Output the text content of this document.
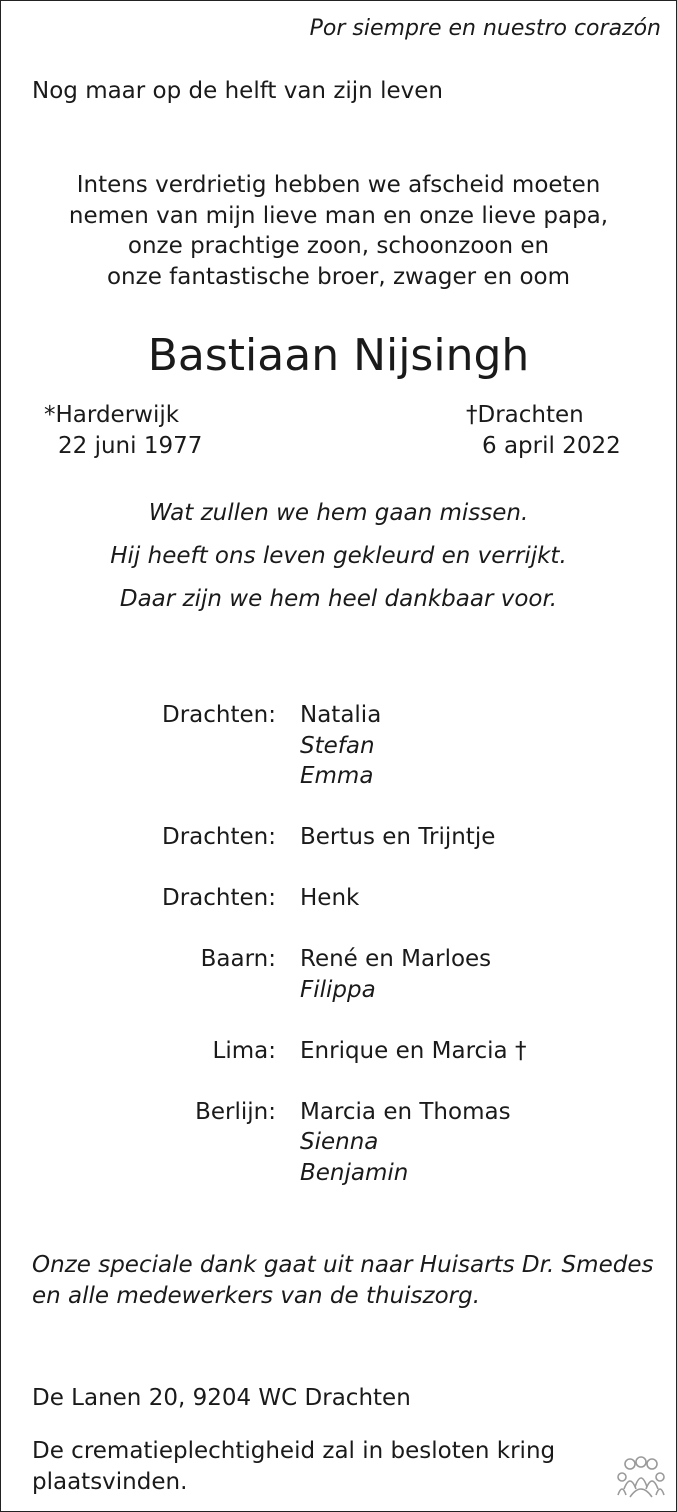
Por siempre en nuestro corazón
Nog maar op de helft van zijn leven
Intens verdrietig hebben we afscheid moeten
nemen van mijn lieve man en onze lieve papa,
onze prachtige zoon, schoonzoon en
onze fantastische broer, zwager en oom
Bastiaan Nijsingh
*Harderwijk
22 juni 1977
†Drachten
6 april 2022
Wat zullen we hem gaan missen.
Hij heeft ons leven gekleurd en verrijkt.
Daar zijn we hem heel dankbaar voor.
Drachten:	Natalia
Stefan
Emma
Drachten:	Bertus en Trijntje
Drachten:	Henk
Baarn:	René en Marloes
Filippa
Lima:	Enrique en Marcia †
Berlijn:	Marcia en Thomas
Sienna
Benjamin
Onze speciale dank gaat uit naar Huisarts Dr. Smedes
en alle medewerkers van de thuiszorg.
De Lanen 20, 9204 WC Drachten
De crematieplechtigheid zal in besloten kring
plaatsvinden.
